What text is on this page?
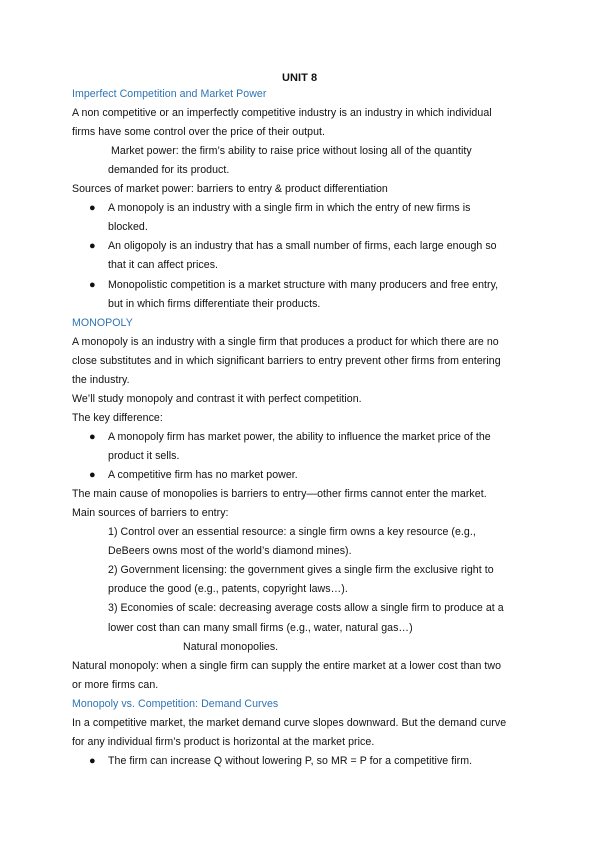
UNIT 8
Imperfect Competition and Market Power
A non competitive or an imperfectly competitive industry is an industry in which individual
firms have some control over the price of their output.
Market power: the firm’s ability to raise price without losing all of the quantity
demanded for its product.
Sources of market power: barriers to entry & product differentiation
● A monopoly is an industry with a single firm in which the entry of new firms is
blocked.
● An oligopoly is an industry that has a small number of firms, each large enough so
that it can affect prices.
● Monopolistic competition is a market structure with many producers and free entry,
but in which firms differentiate their products.
MONOPOLY
A monopoly is an industry with a single firm that produces a product for which there are no
close substitutes and in which significant barriers to entry prevent other firms from entering
the industry.
We’ll study monopoly and contrast it with perfect competition.
The key difference:
● A monopoly firm has market power, the ability to influence the market price of the
product it sells.
● A competitive firm has no market power.
The main cause of monopolies is barriers to entry—other firms cannot enter the market.
Main sources of barriers to entry:
1) Control over an essential resource: a single firm owns a key resource (e.g.,
DeBeers owns most of the world’s diamond mines).
2) Government licensing: the government gives a single firm the exclusive right to
produce the good (e.g., patents, copyright laws…).
3) Economies of scale: decreasing average costs allow a single firm to produce at a
lower cost than can many small firms (e.g., water, natural gas…)
Natural monopolies.
Natural monopoly: when a single firm can supply the entire market at a lower cost than two
or more firms can.
Monopoly vs. Competition: Demand Curves
In a competitive market, the market demand curve slopes downward. But the demand curve
for any individual firm’s product is horizontal at the market price.
● The firm can increase Q without lowering P, so MR = P for a competitive firm.
